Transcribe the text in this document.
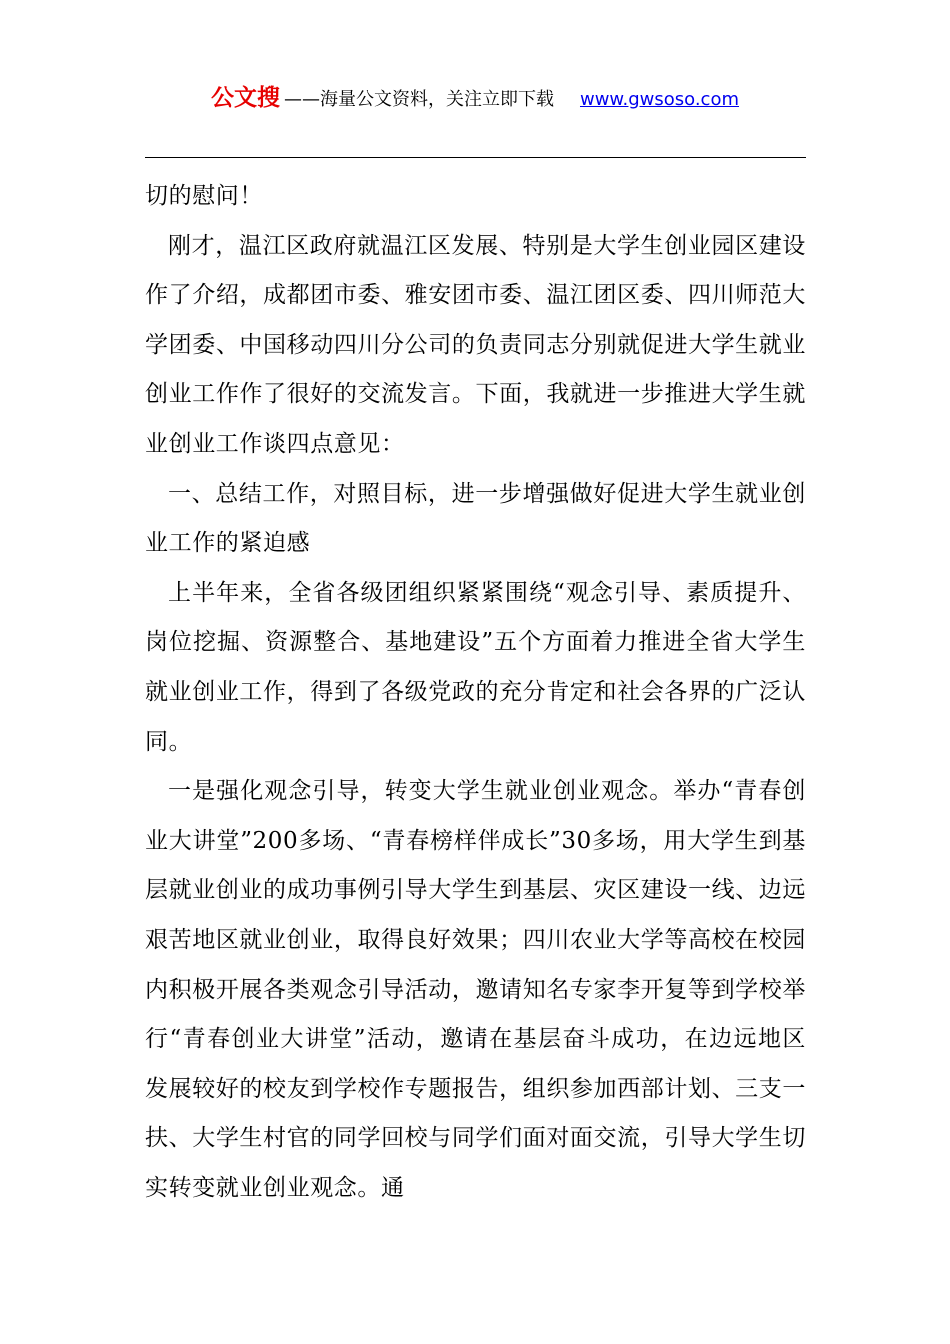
公文搜 ——海量公文资料，关注立即下载 www.gwsoso.com

切的慰问！

刚才，温江区政府就温江区发展、特别是大学生创业园区建设作了介绍，成都团市委、雅安团市委、温江团区委、四川师范大学团委、中国移动四川分公司的负责同志分别就促进大学生就业创业工作作了很好的交流发言。下面，我就进一步推进大学生就业创业工作谈四点意见：

一、总结工作，对照目标，进一步增强做好促进大学生就业创业工作的紧迫感

上半年来，全省各级团组织紧紧围绕“观念引导、素质提升、岗位挖掘、资源整合、基地建设”五个方面着力推进全省大学生就业创业工作，得到了各级党政的充分肯定和社会各界的广泛认同。

一是强化观念引导，转变大学生就业创业观念。举办“青春创业大讲堂”200多场、“青春榜样伴成长”30多场，用大学生到基层就业创业的成功事例引导大学生到基层、灾区建设一线、边远艰苦地区就业创业，取得良好效果；四川农业大学等高校在校园内积极开展各类观念引导活动，邀请知名专家李开复等到学校举行“青春创业大讲堂”活动，邀请在基层奋斗成功，在边远地区发展较好的校友到学校作专题报告，组织参加西部计划、三支一扶、大学生村官的同学回校与同学们面对面交流，引导大学生切实转变就业创业观念。通
